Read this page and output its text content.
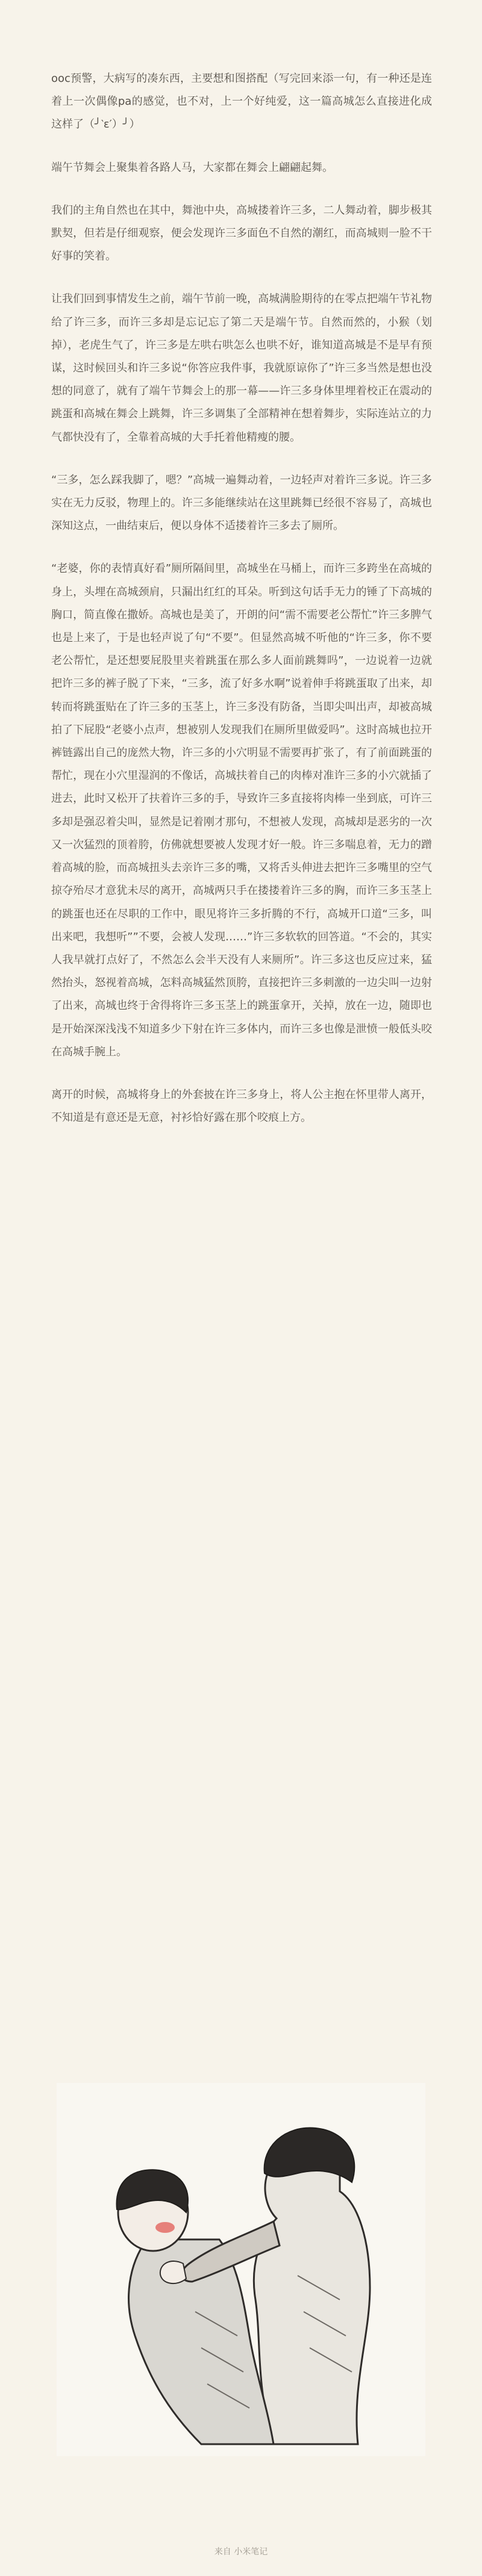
ooc预警，大病写的凑东西，主要想和图搭配（写完回来添一句，有一种还是连着上一次偶像pa的感觉，也不对，上一个好纯爱，这一篇高城怎么直接进化成这样了（╯‵ε′）╯）

端午节舞会上聚集着各路人马，大家都在舞会上翩翩起舞。

我们的主角自然也在其中，舞池中央，高城搂着许三多，二人舞动着，脚步极其默契，但若是仔细观察，便会发现许三多面色不自然的潮红，而高城则一脸不干好事的笑着。

让我们回到事情发生之前，端午节前一晚，高城满脸期待的在零点把端午节礼物给了许三多，而许三多却是忘记忘了第二天是端午节。自然而然的，小猴（划掉），老虎生气了，许三多是左哄右哄怎么也哄不好，谁知道高城是不是早有预谋，这时候回头和许三多说“你答应我件事，我就原谅你了”许三多当然是想也没想的同意了，就有了端午节舞会上的那一幕——许三多身体里埋着校正在震动的跳蛋和高城在舞会上跳舞，许三多调集了全部精神在想着舞步，实际连站立的力气都快没有了，全靠着高城的大手托着他精瘦的腰。

“三多，怎么踩我脚了，嗯？”高城一遍舞动着，一边轻声对着许三多说。许三多实在无力反驳，物理上的。许三多能继续站在这里跳舞已经很不容易了，高城也深知这点，一曲结束后，便以身体不适搂着许三多去了厕所。

“老婆，你的表情真好看”厕所隔间里，高城坐在马桶上，而许三多跨坐在高城的身上，头埋在高城颈肩，只漏出红红的耳朵。听到这句话手无力的锤了下高城的胸口，简直像在撒娇。高城也是美了，开朗的问“需不需要老公帮忙”许三多脾气也是上来了，于是也轻声说了句“不要”。但显然高城不听他的“许三多，你不要老公帮忙，是还想要屁股里夹着跳蛋在那么多人面前跳舞吗”，一边说着一边就把许三多的裤子脱了下来，“三多，流了好多水啊”说着伸手将跳蛋取了出来，却转而将跳蛋贴在了许三多的玉茎上，许三多没有防备，当即尖叫出声，却被高城拍了下屁股“老婆小点声，想被别人发现我们在厕所里做爱吗”。这时高城也拉开裤链露出自己的庞然大物，许三多的小穴明显不需要再扩张了，有了前面跳蛋的帮忙，现在小穴里湿润的不像话，高城扶着自己的肉棒对准许三多的小穴就插了进去，此时又松开了扶着许三多的手，导致许三多直接将肉棒一坐到底，可许三多却是强忍着尖叫，显然是记着刚才那句，不想被人发现，高城却是恶劣的一次又一次猛烈的顶着胯，仿佛就想要被人发现才好一般。许三多喘息着，无力的蹭着高城的脸，而高城扭头去亲许三多的嘴，又将舌头伸进去把许三多嘴里的空气掠夺殆尽才意犹未尽的离开，高城两只手在搂搂着许三多的胸，而许三多玉茎上的跳蛋也还在尽职的工作中，眼见将许三多折腾的不行，高城开口道“三多，叫出来吧，我想听””不要，会被人发现……”许三多软软的回答道。“不会的，其实人我早就打点好了，不然怎么会半天没有人来厕所”。许三多这也反应过来，猛然抬头，怒视着高城，怎料高城猛然顶胯，直接把许三多刺激的一边尖叫一边射了出来，高城也终于舍得将许三多玉茎上的跳蛋拿开，关掉，放在一边，随即也是开始深深浅浅不知道多少下射在许三多体内，而许三多也像是泄愤一般低头咬在高城手腕上。

离开的时候，高城将身上的外套披在许三多身上，将人公主抱在怀里带人离开，不知道是有意还是无意，衬衫恰好露在那个咬痕上方。

来自 小米笔记
